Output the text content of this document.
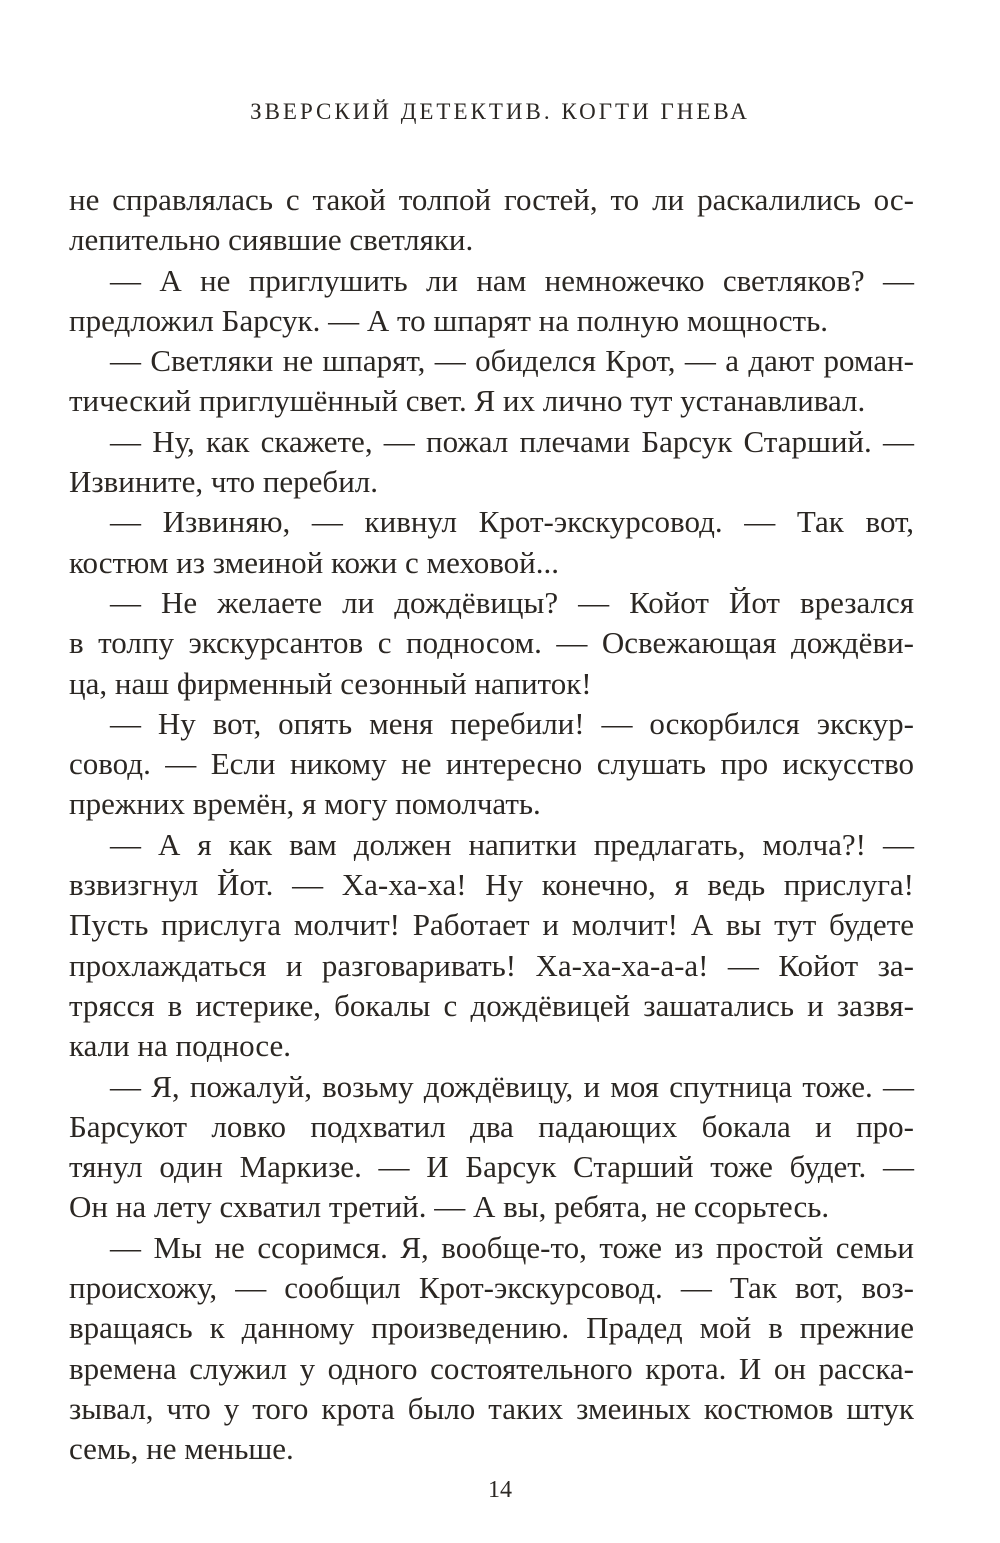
ЗВЕРСКИЙ ДЕТЕКТИВ. КОГТИ ГНЕВА
не справлялась с такой толпой гостей, то ли раскалились ос-
лепительно сиявшие светляки.
— А не приглушить ли нам немножечко светляков? —
предложил Барсук. — А то шпарят на полную мощность.
— Светляки не шпарят, — обиделся Крот, — а дают роман-
тический приглушённый свет. Я их лично тут устанавливал.
— Ну, как скажете, — пожал плечами Барсук Старший. —
Извините, что перебил.
— Извиняю, — кивнул Крот-экскурсовод. — Так вот,
костюм из змеиной кожи с меховой...
— Не желаете ли дождёвицы? — Койот Йот врезался
в толпу экскурсантов с подносом. — Освежающая дождёви-
ца, наш фирменный сезонный напиток!
— Ну вот, опять меня перебили! — оскорбился экскур-
совод. — Если никому не интересно слушать про искусство
прежних времён, я могу помолчать.
— А я как вам должен напитки предлагать, молча?! —
взвизгнул Йот. — Ха-ха-ха! Ну конечно, я ведь прислуга!
Пусть прислуга молчит! Работает и молчит! А вы тут будете
прохлаждаться и разговаривать! Ха-ха-ха-а-а! — Койот за-
трясся в истерике, бокалы с дождёвицей зашатались и зазвя-
кали на подносе.
— Я, пожалуй, возьму дождёвицу, и моя спутница тоже. —
Барсукот ловко подхватил два падающих бокала и про-
тянул один Маркизе. — И Барсук Старший тоже будет. —
Он на лету схватил третий. — А вы, ребята, не ссорьтесь.
— Мы не ссоримся. Я, вообще-то, тоже из простой семьи
происхожу, — сообщил Крот-экскурсовод. — Так вот, воз-
вращаясь к данному произведению. Прадед мой в прежние
времена служил у одного состоятельного крота. И он расска-
зывал, что у того крота было таких змеиных костюмов штук
семь, не меньше.
14
